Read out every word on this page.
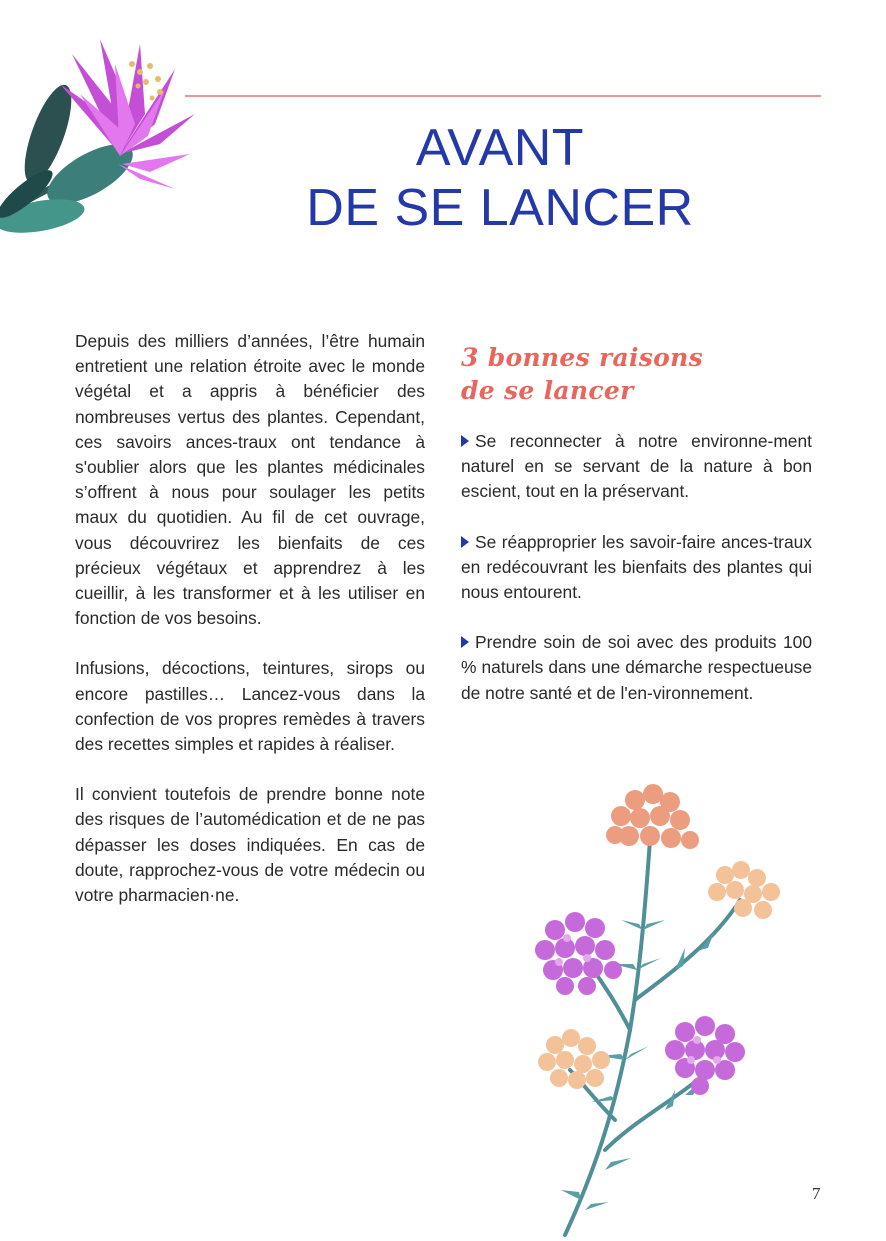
AVANT
DE SE LANCER

Depuis des milliers d’années, l’être humain entretient une relation étroite avec le monde végétal et a appris à bénéficier des nombreuses vertus des plantes. Cependant, ces savoirs ances-traux ont tendance à s'oublier alors que les plantes médicinales s’offrent à nous pour soulager les petits maux du quotidien. Au fil de cet ouvrage, vous découvrirez les bienfaits de ces précieux végétaux et apprendrez à les cueillir, à les transformer et à les utiliser en fonction de vos besoins.

Infusions, décoctions, teintures, sirops ou encore pastilles… Lancez-vous dans la confection de vos propres remèdes à travers des recettes simples et rapides à réaliser.

Il convient toutefois de prendre bonne note des risques de l’automédication et de ne pas dépasser les doses indiquées. En cas de doute, rapprochez-vous de votre médecin ou votre pharmacien·ne.

3 bonnes raisons
de se lancer

Se reconnecter à notre environne-ment naturel en se servant de la nature à bon escient, tout en la préservant.

Se réapproprier les savoir-faire ances-traux en redécouvrant les bienfaits des plantes qui nous entourent.

Prendre soin de soi avec des produits 100 % naturels dans une démarche respectueuse de notre santé et de l'en-vironnement.

7
